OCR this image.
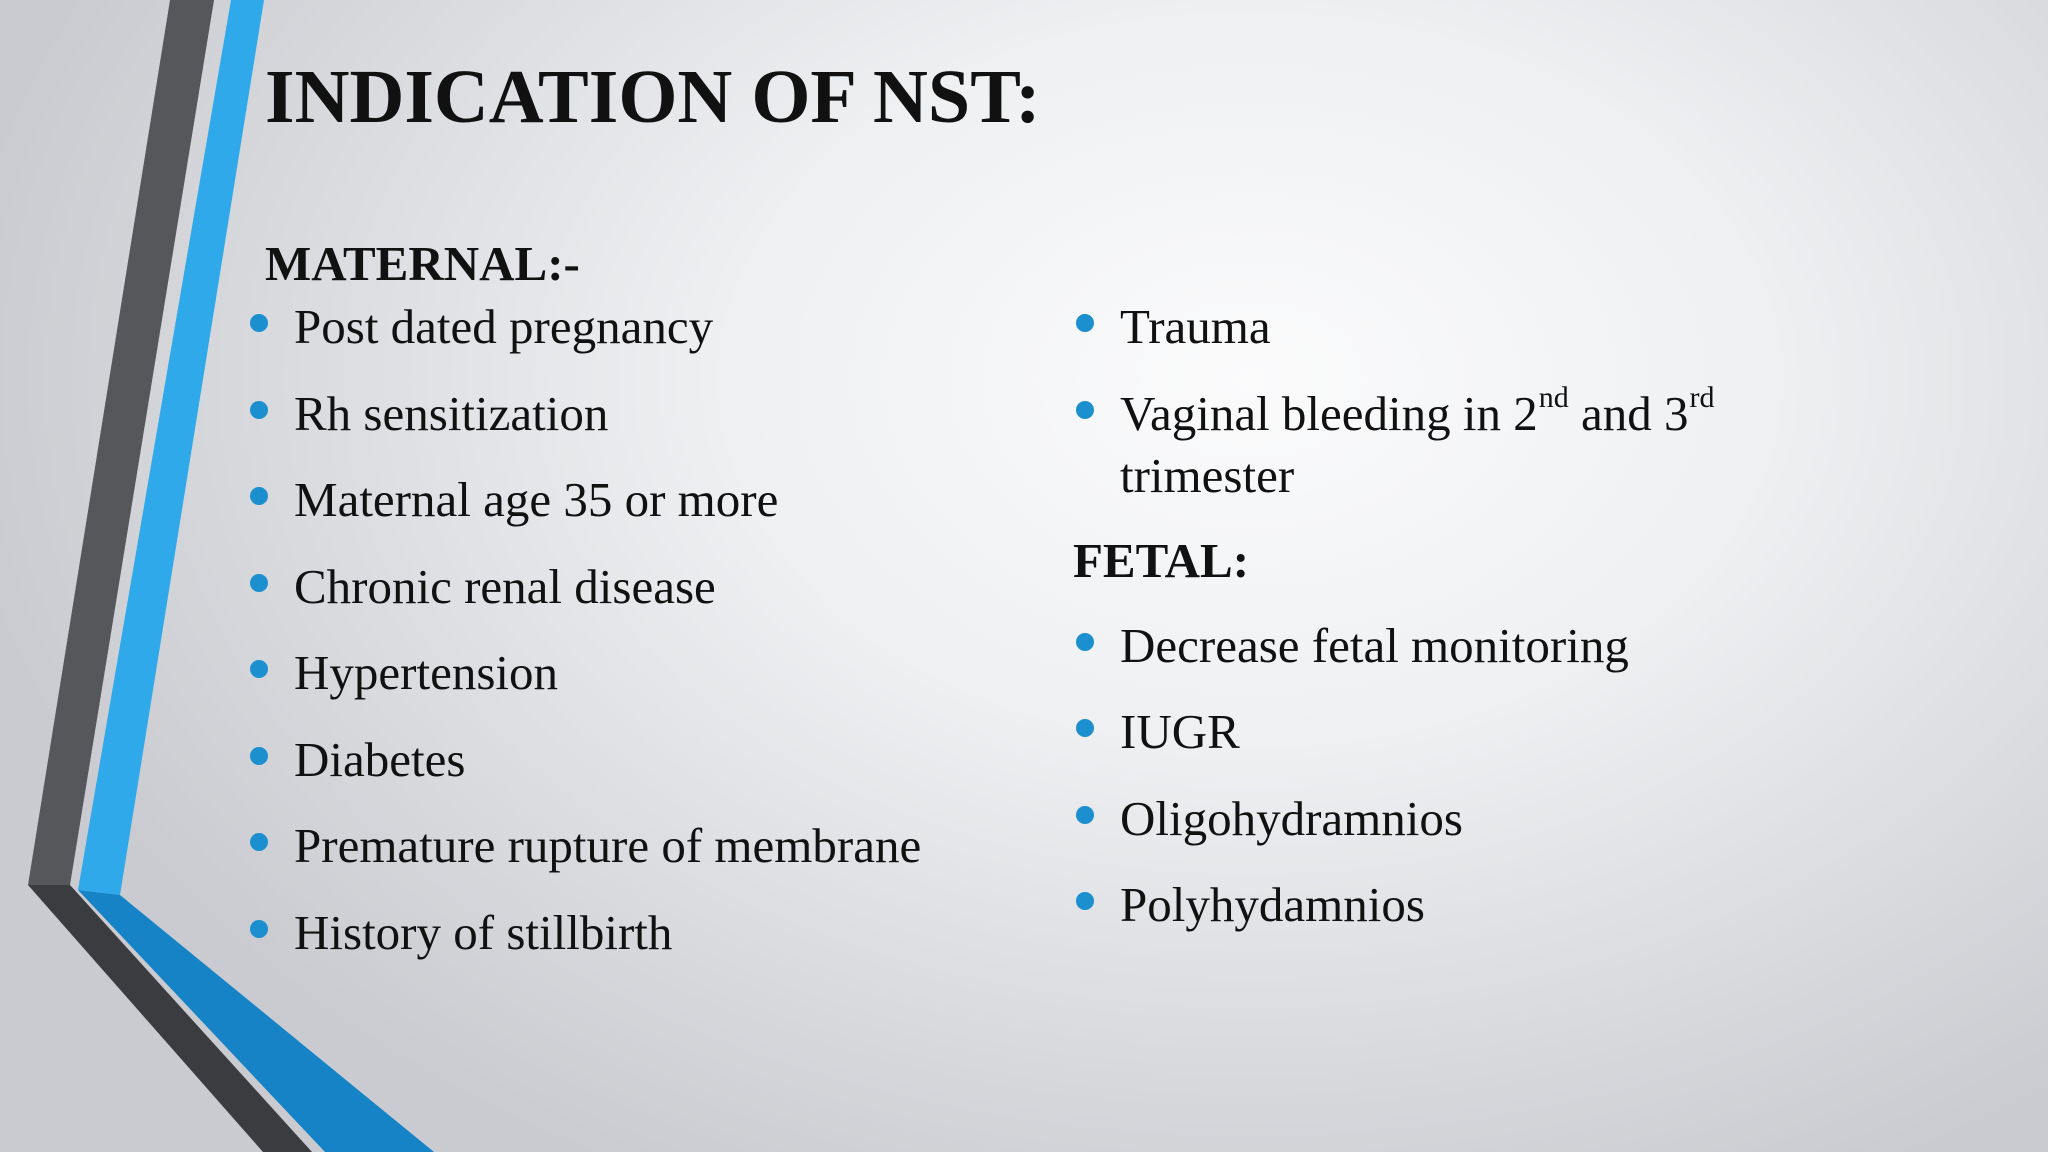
INDICATION OF NST:
MATERNAL:-
Post dated pregnancy
Rh sensitization
Maternal age 35 or more
Chronic renal disease
Hypertension
Diabetes
Premature rupture of membrane
History of stillbirth
Trauma
Vaginal bleeding in 2nd and 3rd
trimester
FETAL:
Decrease fetal monitoring
IUGR
Oligohydramnios
Polyhydamnios
